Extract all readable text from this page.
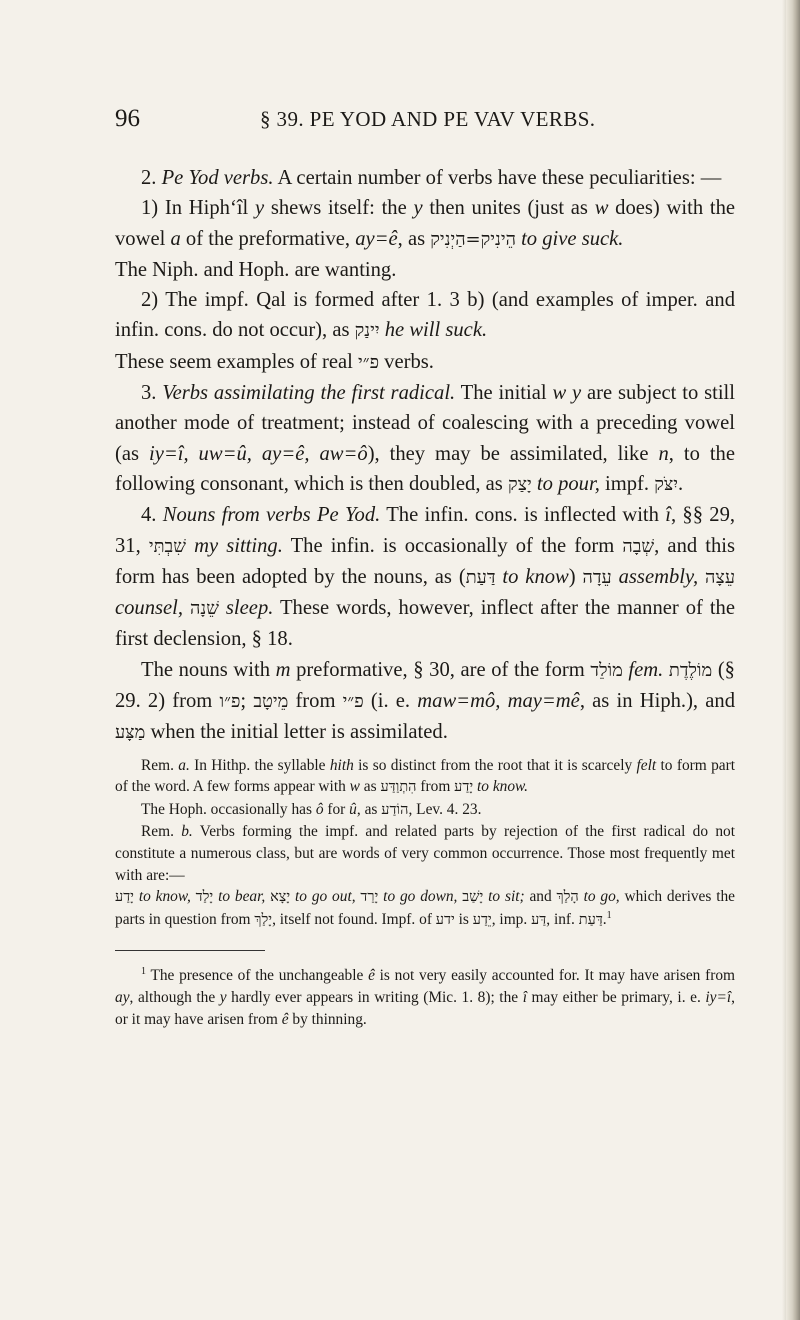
96	§ 39. PE YOD AND PE VAV VERBS.

2. Pe Yod verbs. A certain number of verbs have these peculiarities: —

1) In Hiph‘îl y shews itself: the y then unites (just as w does) with the vowel a of the preformative, ay=ê, as הֵינִיק=הַיְנִיק to give suck.

The Niph. and Hoph. are wanting.

2) The impf. Qal is formed after 1. 3 b) (and examples of imper. and infin. cons. do not occur), as יִינַק he will suck.

These seem examples of real פ״י verbs.

3. Verbs assimilating the first radical. The initial w y are subject to still another mode of treatment; instead of coalescing with a preceding vowel (as iy=î, uw=û, ay=ê, aw=ô), they may be assimilated, like n, to the following consonant, which is then doubled, as יָצַק to pour, impf. יִצֹּק.

4. Nouns from verbs Pe Yod. The infin. cons. is inflected with î, §§ 29, 31, שִׁבְתִּי my sitting. The infin. is occasionally of the form שְׁבָה, and this form has been adopted by the nouns, as (דַּעַת to know) עֵדָה assembly, עֵצָה counsel, שֵׁנָה sleep. These words, however, inflect after the manner of the first declension, § 18.

The nouns with m preformative, § 30, are of the form מוֹלֵד fem. מוֹלֶדֶת (§ 29. 2) from פ״ו; מֵיטָב from פ״י (i. e. maw=mô, may=mê, as in Hiph.), and מַצָּע when the initial letter is assimilated.

Rem. a. In Hithp. the syllable hith is so distinct from the root that it is scarcely felt to form part of the word. A few forms appear with w as הִתְוַדַּע from יָדַע to know.

The Hoph. occasionally has ô for û, as הוֹדַע, Lev. 4. 23.

Rem. b. Verbs forming the impf. and related parts by rejection of the first radical do not constitute a numerous class, but are words of very common occurrence. Those most frequently met with are:—

יָדַע to know, יָלַד to bear, יָצָא to go out, יָרַד to go down, יָשַׁב to sit; and הָלַךְ to go, which derives the parts in question from יָלַךְ, itself not found. Impf. of ידע is יֵדַע, imp. דַּע, inf. דַּעַת.$^1$

$^1$ The presence of the unchangeable ê is not very easily accounted for. It may have arisen from ay, although the y hardly ever appears in writing (Mic. 1. 8); the î may either be primary, i. e. iy=î, or it may have arisen from ê by thinning.
